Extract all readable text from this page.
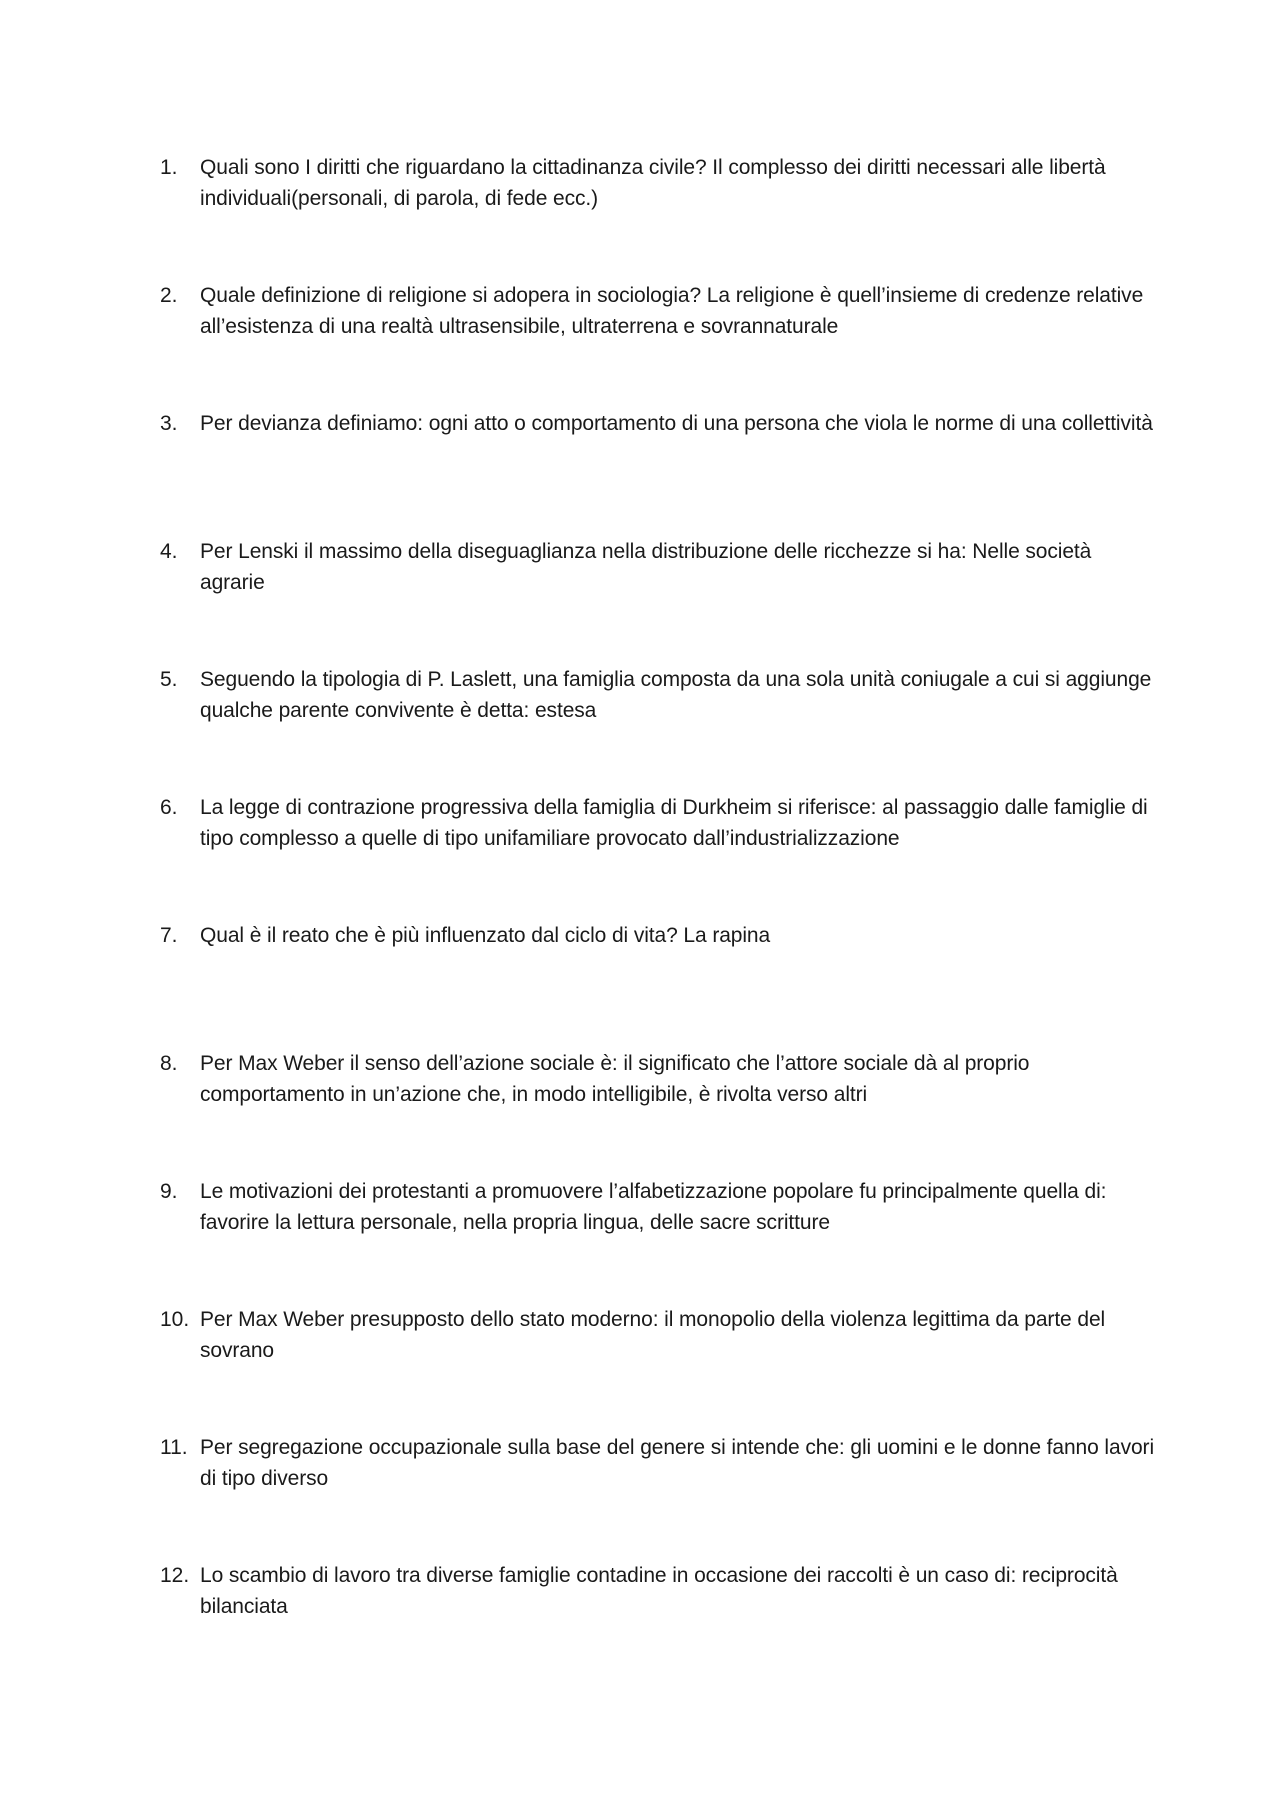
1.	Quali sono I diritti che riguardano la cittadinanza civile? Il complesso dei diritti necessari alle libertà individuali(personali, di parola, di fede ecc.)
2.	Quale definizione di religione si adopera in sociologia? La religione è quell’insieme di credenze relative all’esistenza di una realtà ultrasensibile, ultraterrena e sovrannaturale
3.	Per devianza definiamo: ogni atto o comportamento di una persona che viola le norme di una collettività
4.	Per Lenski il massimo della diseguaglianza nella distribuzione delle ricchezze si ha: Nelle società agrarie
5.	Seguendo la tipologia di P. Laslett, una famiglia composta da una sola unità coniugale a cui si aggiunge qualche parente convivente è detta: estesa
6.	La legge di contrazione progressiva della famiglia di Durkheim si riferisce: al passaggio dalle famiglie di tipo complesso a quelle di tipo unifamiliare provocato dall’industrializzazione
7.	Qual è il reato che è più influenzato dal ciclo di vita? La rapina
8.	Per Max Weber il senso dell’azione sociale è: il significato che l’attore sociale dà al proprio comportamento in un’azione che, in modo intelligibile, è rivolta verso altri
9.	Le motivazioni dei protestanti a promuovere l’alfabetizzazione popolare fu principalmente quella di: favorire la lettura personale, nella propria lingua, delle sacre scritture
10. Per Max Weber presupposto dello stato moderno: il monopolio della violenza legittima da parte del sovrano
11. Per segregazione occupazionale sulla base del genere si intende che: gli uomini e le donne fanno lavori di tipo diverso
12. Lo scambio di lavoro tra diverse famiglie contadine in occasione dei raccolti è un caso di: reciprocità bilanciata
